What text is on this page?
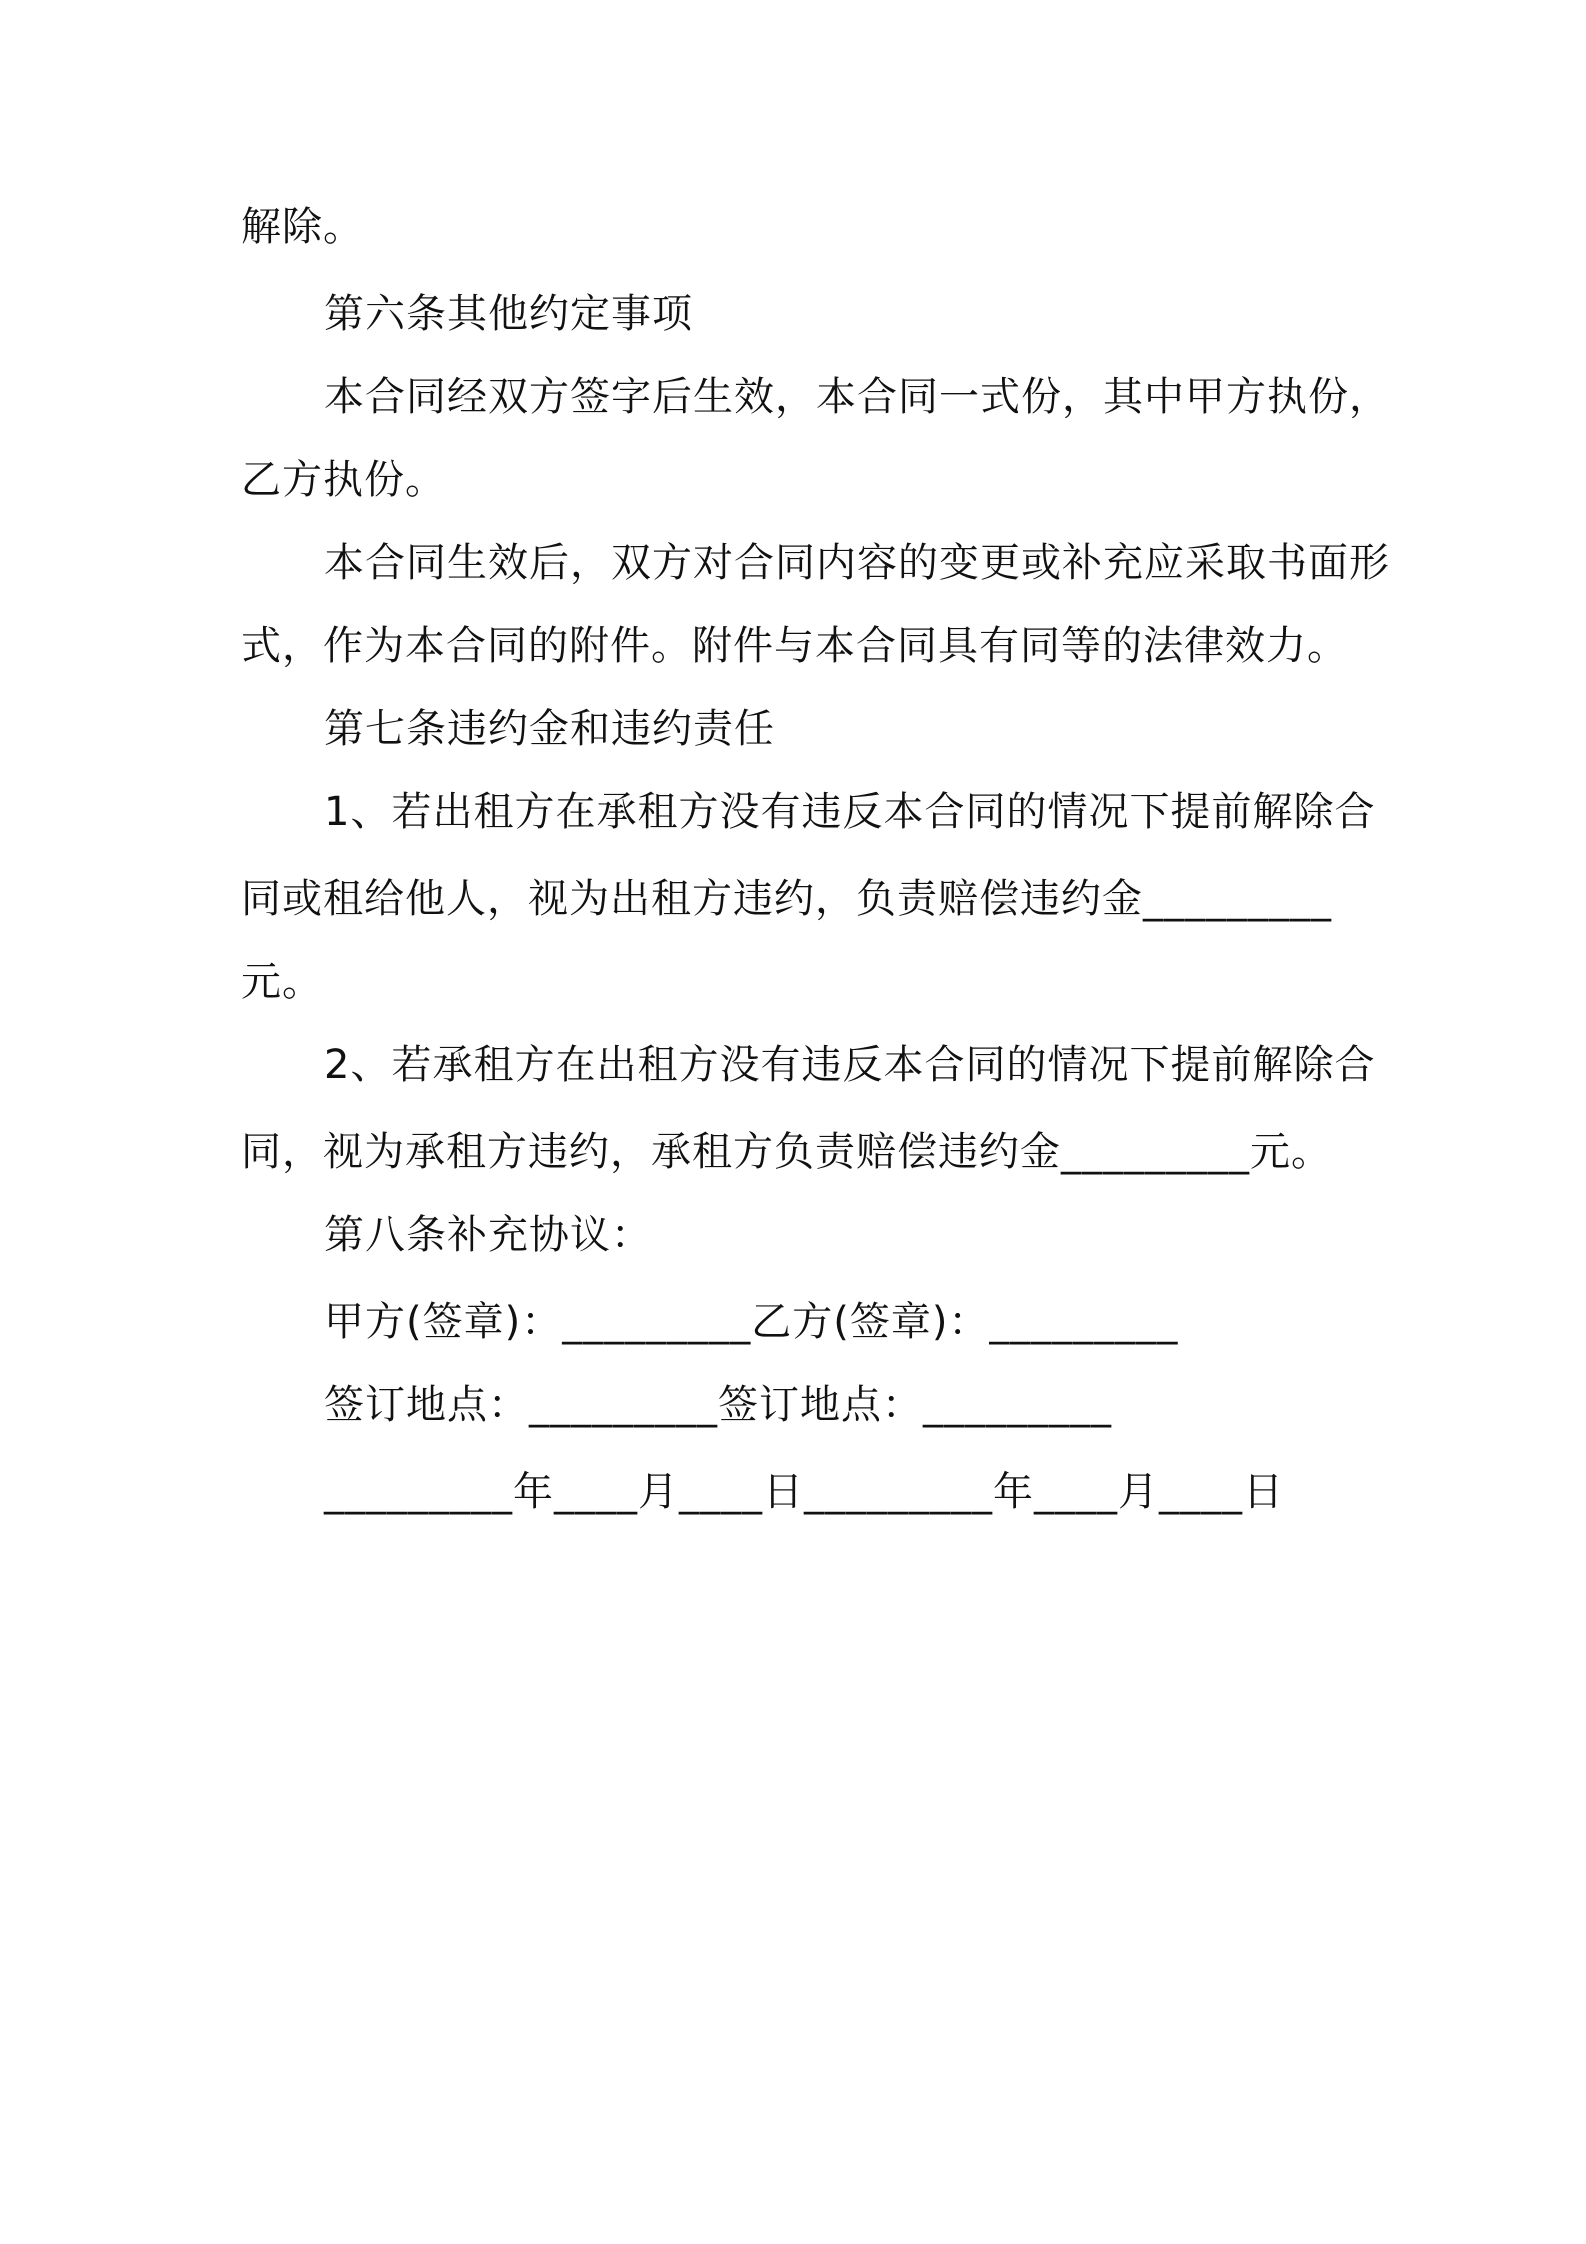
解除。
第六条其他约定事项
本合同经双方签字后生效，本合同一式份，其中甲方执份，
乙方执份。
本合同生效后，双方对合同内容的变更或补充应采取书面形
式，作为本合同的附件。附件与本合同具有同等的法律效力。
第七条违约金和违约责任
1、若出租方在承租方没有违反本合同的情况下提前解除合
同或租给他人，视为出租方违约，负责赔偿违约金_________
元。
2、若承租方在出租方没有违反本合同的情况下提前解除合
同，视为承租方违约，承租方负责赔偿违约金_________元。
第八条补充协议：
甲方(签章)：_________乙方(签章)：_________
签订地点：_________签订地点：_________
_________年____月____日_________年____月____日
